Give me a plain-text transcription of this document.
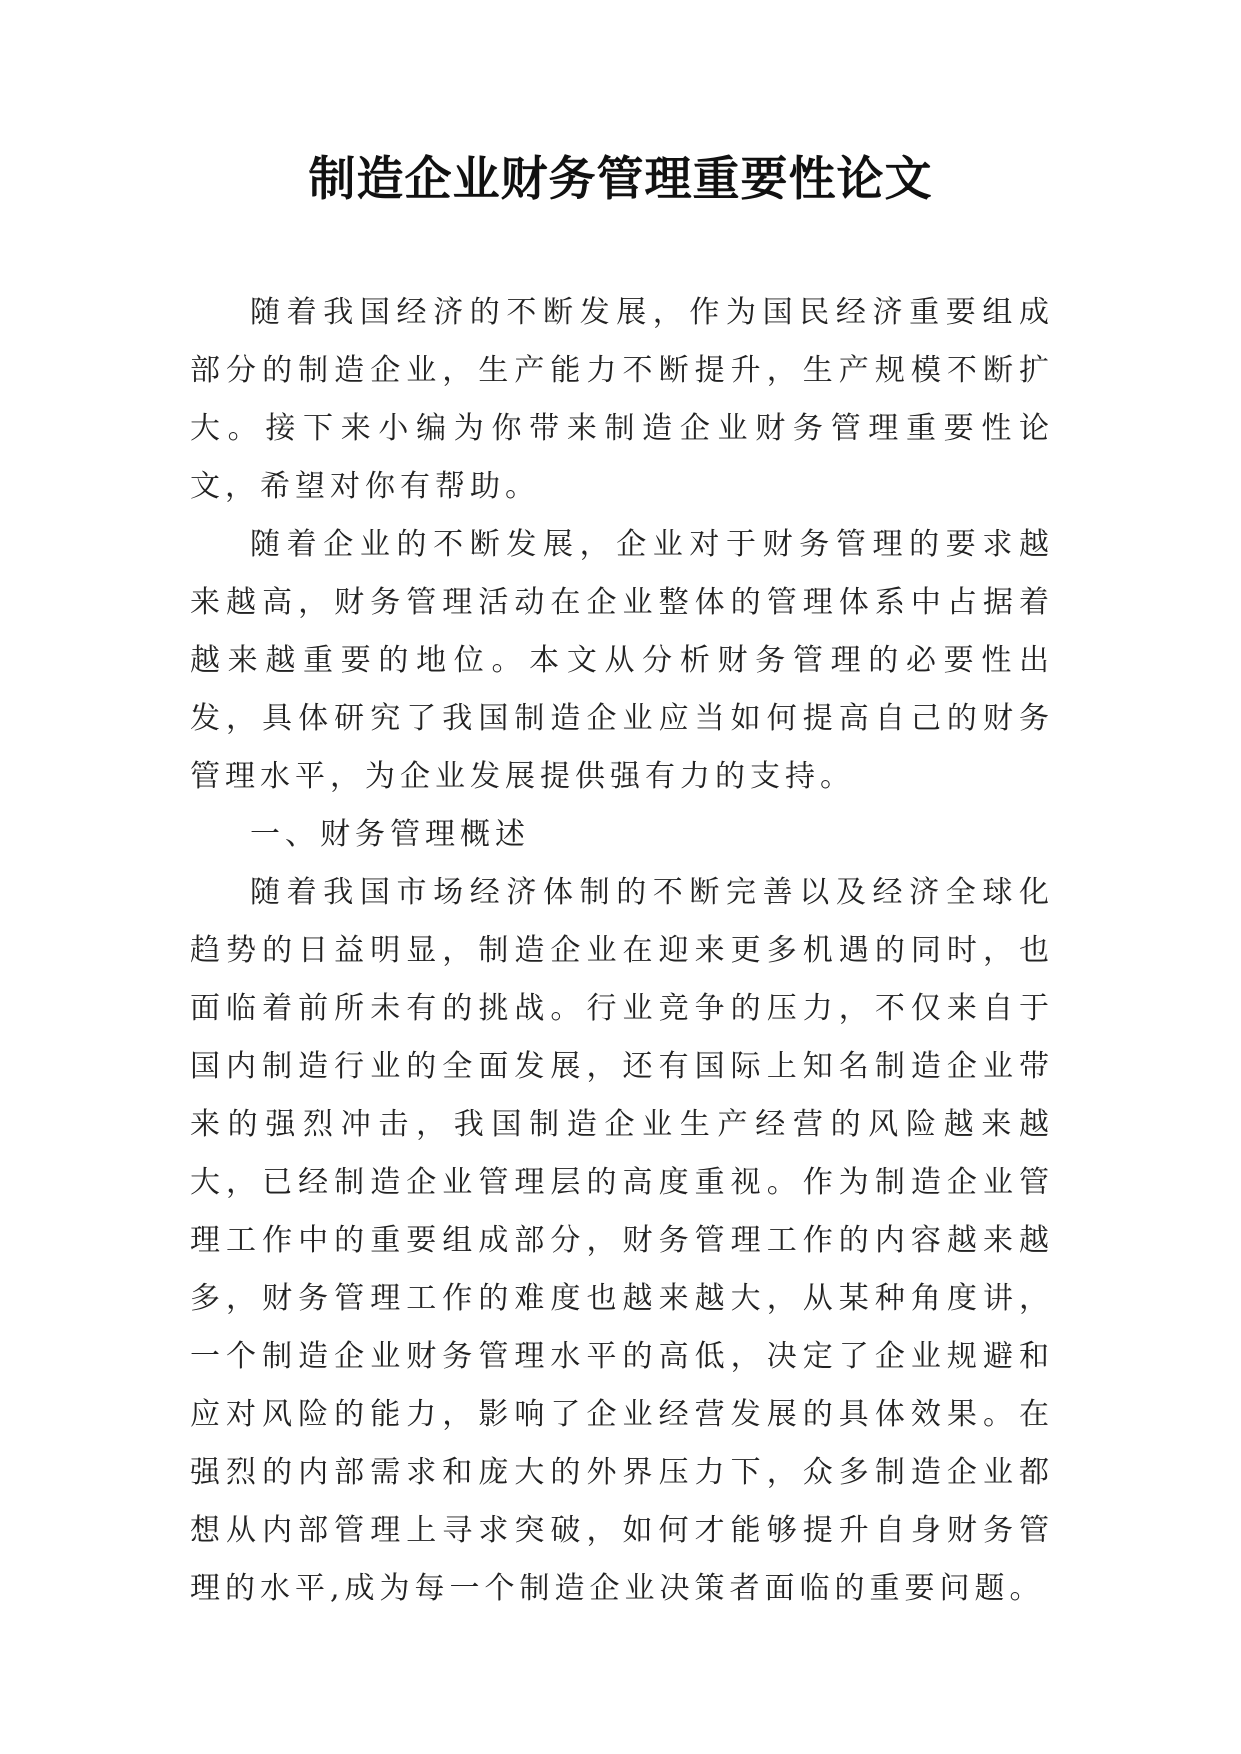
制造企业财务管理重要性论文

随着我国经济的不断发展，作为国民经济重要组成部分的制造企业，生产能力不断提升，生产规模不断扩大。接下来小编为你带来制造企业财务管理重要性论文，希望对你有帮助。

随着企业的不断发展，企业对于财务管理的要求越来越高，财务管理活动在企业整体的管理体系中占据着越来越重要的地位。本文从分析财务管理的必要性出发，具体研究了我国制造企业应当如何提高自己的财务管理水平，为企业发展提供强有力的支持。

一、财务管理概述

随着我国市场经济体制的不断完善以及经济全球化趋势的日益明显，制造企业在迎来更多机遇的同时，也面临着前所未有的挑战。行业竞争的压力，不仅来自于国内制造行业的全面发展，还有国际上知名制造企业带来的强烈冲击，我国制造企业生产经营的风险越来越大，已经制造企业管理层的高度重视。作为制造企业管理工作中的重要组成部分，财务管理工作的内容越来越多，财务管理工作的难度也越来越大，从某种角度讲，一个制造企业财务管理水平的高低，决定了企业规避和应对风险的能力，影响了企业经营发展的具体效果。在强烈的内部需求和庞大的外界压力下，众多制造企业都想从内部管理上寻求突破，如何才能够提升自身财务管理的水平,成为每一个制造企业决策者面临的重要问题。
